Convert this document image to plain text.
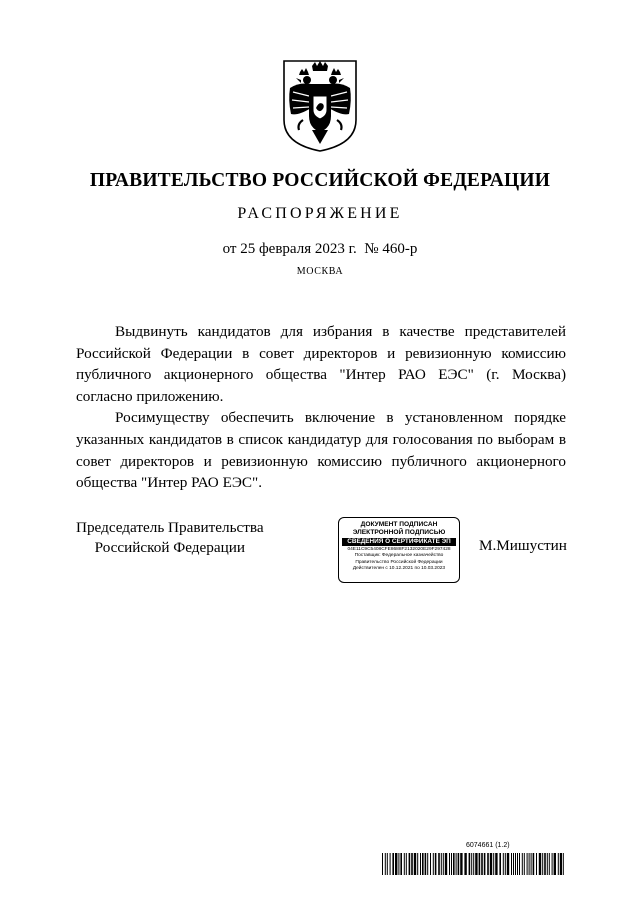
ПРАВИТЕЛЬСТВО РОССИЙСКОЙ ФЕДЕРАЦИИ
РАСПОРЯЖЕНИЕ
от 25 февраля 2023 г.  № 460-р
МОСКВА

Выдвинуть кандидатов для избрания в качестве представителей Российской Федерации в совет директоров и ревизионную комиссию публичного акционерного общества "Интер РАО ЕЭС" (г. Москва) согласно приложению.

Росимуществу обеспечить включение в установленном порядке указанных кандидатов в список кандидатур для голосования по выборам в совет директоров и ревизионную комиссию публичного акционерного общества "Интер РАО ЕЭС".

Председатель Правительства
Российской Федерации
ДОКУМЕНТ ПОДПИСАН
ЭЛЕКТРОННОЙ ПОДПИСЬЮ
СВЕДЕНИЯ О СЕРТИФИКАТЕ ЭП
04E11C9C5408CFE8688F2132020E29F297428
Поставщик: Федеральное казначейство
Правительство Российской Федерации
Действителен с 10.12.2021 по 10.03.2023
М.Мишустин
6074661 (1.2)
